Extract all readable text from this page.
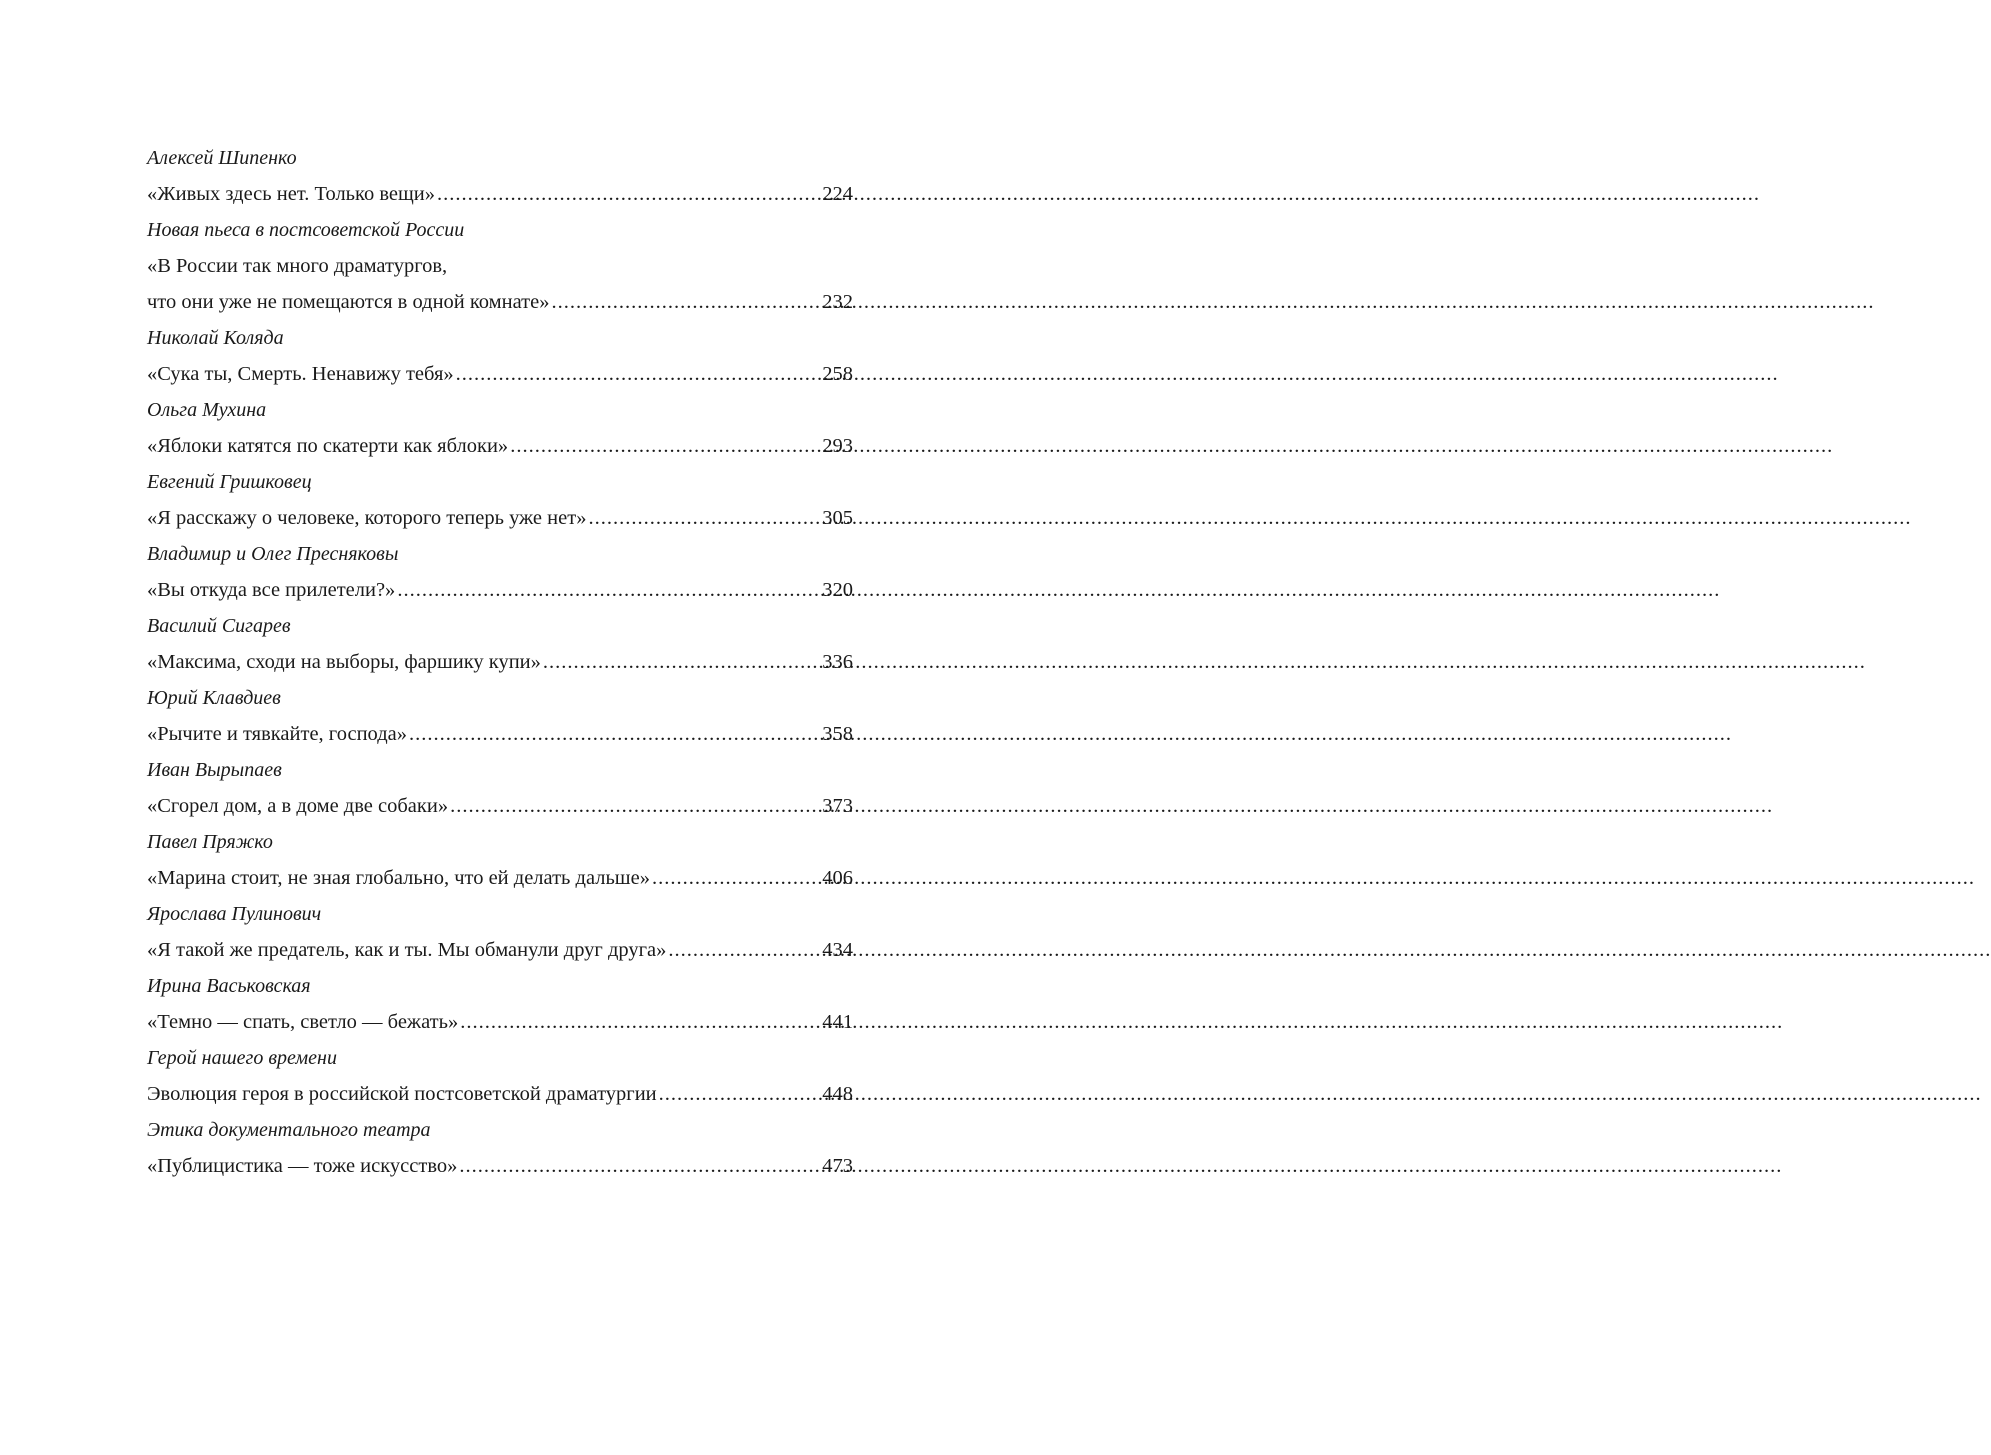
Алексей Шипенко
«Живых здесь нет. Только вещи» .....	224
Новая пьеса в постсоветской России
«В России так много драматургов,
что они уже не помещаются в одной комнате» .....	232
Николай Коляда
«Сука ты, Смерть. Ненавижу тебя» .....	258
Ольга Мухина
«Яблоки катятся по скатерти как яблоки» .....	293
Евгений Гришковец
«Я расскажу о человеке, которого теперь уже нет» .....	305
Владимир и Олег Пресняковы
«Вы откуда все прилетели?» .....	320
Василий Сигарев
«Максима, сходи на выборы, фаршику купи» .....	336
Юрий Клавдиев
«Рычите и тявкайте, господа» .....	358
Иван Вырыпаев
«Сгорел дом, а в доме две собаки» .....	373
Павел Пряжко
«Марина стоит, не зная глобально, что ей делать дальше» .....	406
Ярослава Пулинович
«Я такой же предатель, как и ты. Мы обманули друг друга» .....	434
Ирина Васьковская
«Темно — спать, светло — бежать» .....	441
Герой нашего времени
Эволюция героя в российской постсоветской драматургии .....	448
Этика документального театра
«Публицистика — тоже искусство» .....	473
